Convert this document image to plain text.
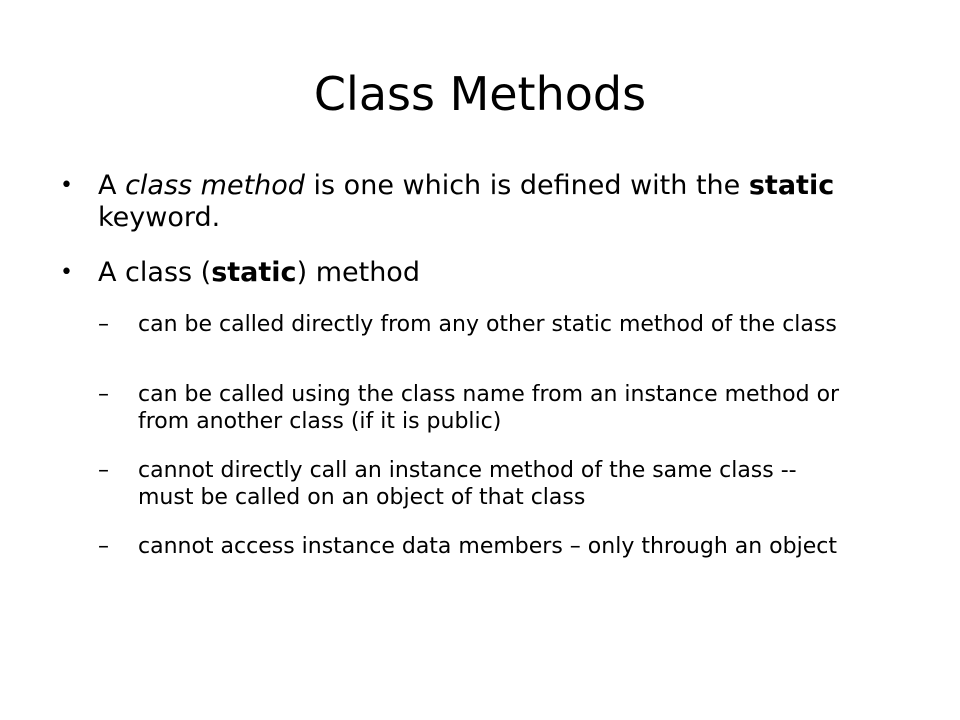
Class Methods
• A class method is one which is defined with the static keyword.
• A class (static) method
– can be called directly from any other static method of the class
– can be called using the class name from an instance method or from another class (if it is public)
– cannot directly call an instance method of the same class -- must be called on an object of that class
– cannot access instance data members – only through an object
